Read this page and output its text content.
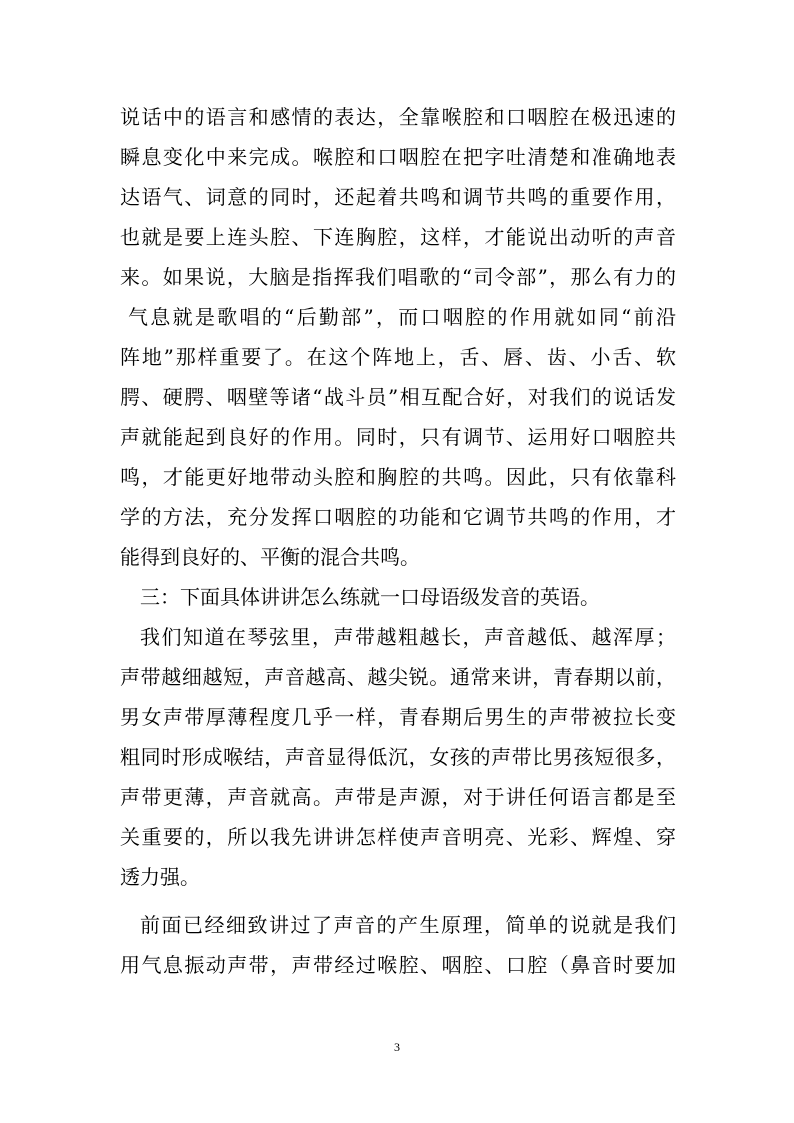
说话中的语言和感情的表达，全靠喉腔和口咽腔在极迅速的
瞬息变化中来完成。喉腔和口咽腔在把字吐清楚和准确地表
达语气、词意的同时，还起着共鸣和调节共鸣的重要作用，
也就是要上连头腔、下连胸腔，这样，才能说出动听的声音
来。如果说，大脑是指挥我们唱歌的“司令部”，那么有力的
气息就是歌唱的“后勤部”，而口咽腔的作用就如同“前沿
阵地”那样重要了。在这个阵地上，舌、唇、齿、小舌、软
腭、硬腭、咽壁等诸“战斗员”相互配合好，对我们的说话发
声就能起到良好的作用。同时，只有调节、运用好口咽腔共
鸣，才能更好地带动头腔和胸腔的共鸣。因此，只有依靠科
学的方法，充分发挥口咽腔的功能和它调节共鸣的作用，才
能得到良好的、平衡的混合共鸣。
三：下面具体讲讲怎么练就一口母语级发音的英语。
我们知道在琴弦里，声带越粗越长，声音越低、越浑厚；
声带越细越短，声音越高、越尖锐。通常来讲，青春期以前，
男女声带厚薄程度几乎一样，青春期后男生的声带被拉长变
粗同时形成喉结，声音显得低沉，女孩的声带比男孩短很多，
声带更薄，声音就高。声带是声源，对于讲任何语言都是至
关重要的，所以我先讲讲怎样使声音明亮、光彩、辉煌、穿
透力强。
前面已经细致讲过了声音的产生原理，简单的说就是我们
用气息振动声带，声带经过喉腔、咽腔、口腔（鼻音时要加
3
